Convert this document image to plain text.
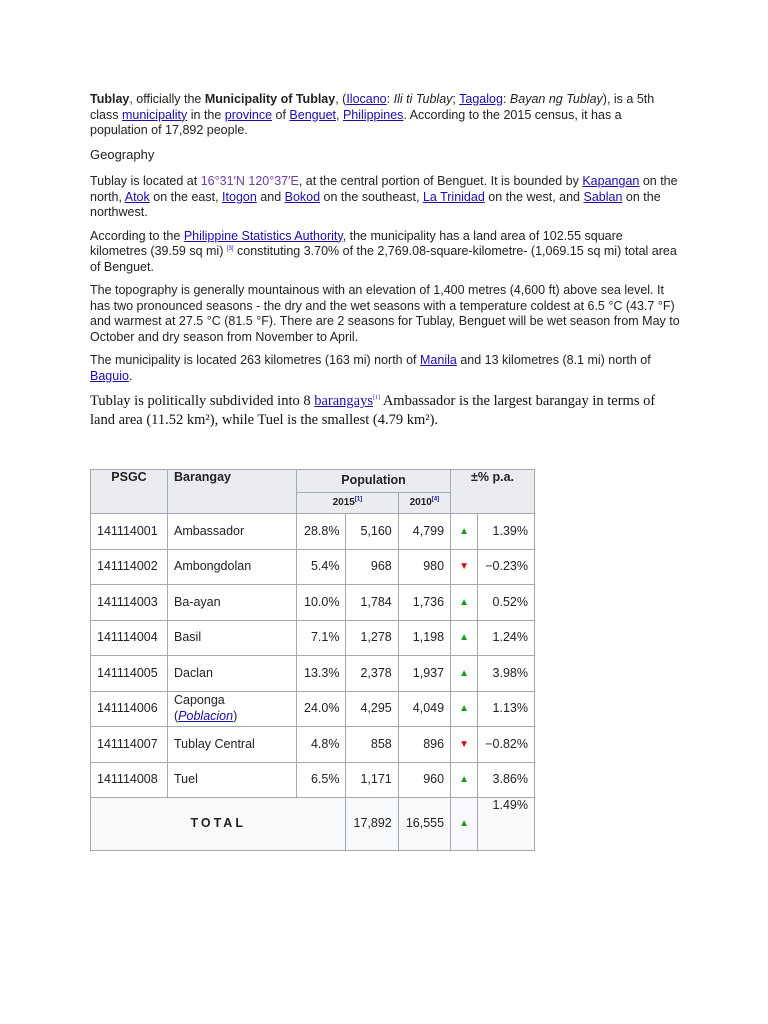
Tublay, officially the Municipality of Tublay, (Ilocano: Ili ti Tublay; Tagalog: Bayan ng Tublay), is a 5th class municipality in the province of Benguet, Philippines. According to the 2015 census, it has a population of 17,892 people.

Geography

Tublay is located at 16°31′N 120°37′E, at the central portion of Benguet. It is bounded by Kapangan on the north, Atok on the east, Itogon and Bokod on the southeast, La Trinidad on the west, and Sablan on the northwest.

According to the Philippine Statistics Authority, the municipality has a land area of 102.55 square kilometres (39.59 sq mi) [3] constituting 3.70% of the 2,769.08-square-kilometre- (1,069.15 sq mi) total area of Benguet.

The topography is generally mountainous with an elevation of 1,400 metres (4,600 ft) above sea level. It has two pronounced seasons - the dry and the wet seasons with a temperature coldest at 6.5 °C (43.7 °F) and warmest at 27.5 °C (81.5 °F). There are 2 seasons for Tublay, Benguet will be wet season from May to October and dry season from November to April.

The municipality is located 263 kilometres (163 mi) north of Manila and 13 kilometres (8.1 mi) north of Baguio.

Tublay is politically subdivided into 8 barangays[1] Ambassador is the largest barangay in terms of land area (11.52 km²), while Tuel is the smallest (4.79 km²).

PSGC	Barangay	Population			±% p.a.	
		2015[1]		2010[4]
141114001	Ambassador	28.8%	5,160	4,799	▲	1.39%
141114002	Ambongdolan	5.4%	968	980	▼	−0.23%
141114003	Ba-ayan	10.0%	1,784	1,736	▲	0.52%
141114004	Basil	7.1%	1,278	1,198	▲	1.24%
141114005	Daclan	13.3%	2,378	1,937	▲	3.98%
141114006	Caponga (Poblacion)	24.0%	4,295	4,049	▲	1.13%
141114007	Tublay Central	4.8%	858	896	▼	−0.82%
141114008	Tuel	6.5%	1,171	960	▲	3.86%
TOTAL			17,892	16,555	▲	1.49%
